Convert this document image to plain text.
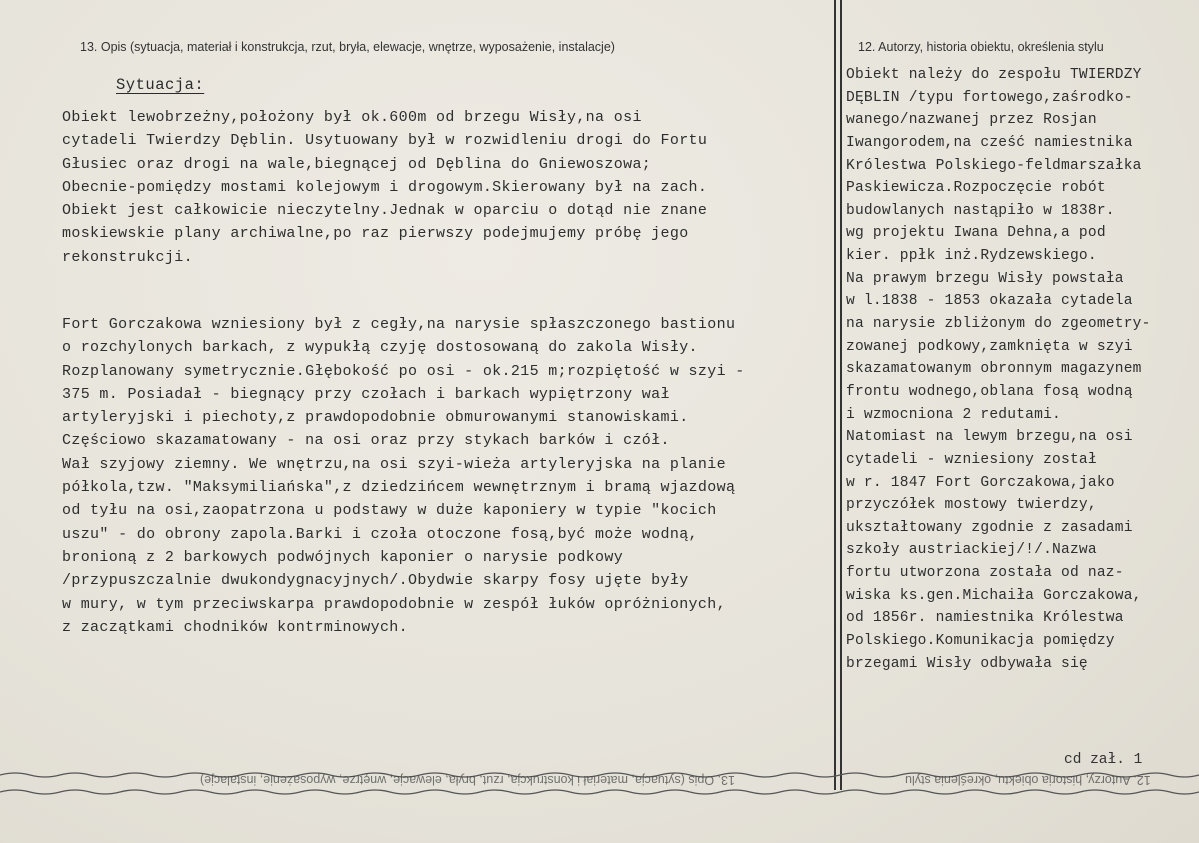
13. Opis (sytuacja, materiał i konstrukcja, rzut, bryła, elewacje, wnętrze, wyposażenie, instalacje)	12. Autorzy, historia obiektu, określenia stylu
Sytuacja:
Obiekt lewobrzeżny,położony był ok.600m od brzegu Wisły,na osi
cytadeli Twierdzy Dęblin. Usytuowany był w rozwidleniu drogi do Fortu
Głusiec oraz drogi na wale,biegnącej od Dęblina do Gniewoszowa;
Obecnie-pomiędzy mostami kolejowym i drogowym.Skierowany był na zach.
Obiekt jest całkowicie nieczytelny.Jednak w oparciu o dotąd nie znane
moskiewskie plany archiwalne,po raz pierwszy podejmujemy próbę jego
rekonstrukcji.
Fort Gorczakowa wzniesiony był z cegły,na narysie spłaszczonego bastionu
o rozchylonych barkach, z wypukłą czyję dostosowaną do zakola Wisły.
Rozplanowany symetrycznie.Głębokość po osi - ok.215 m;rozpiętość w szyi -
375 m. Posiadał - biegnący przy czołach i barkach wypiętrzony wał
artyleryjski i piechoty,z prawdopodobnie obmurowanymi stanowiskami.
Częściowo skazamatowany - na osi oraz przy stykach barków i czół.
Wał szyjowy ziemny. We wnętrzu,na osi szyi-wieża artyleryjska na planie
półkola,tzw. "Maksymiliańska",z dziedzińcem wewnętrznym i bramą wjazdową
od tyłu na osi,zaopatrzona u podstawy w duże kaponiery w typie "kocich
uszu" - do obrony zapola.Barki i czoła otoczone fosą,być może wodną,
bronioną z 2 barkowych podwójnych kaponier o narysie podkowy
/przypuszczalnie dwukondygnacyjnych/.Obydwie skarpy fosy ujęte były
w mury, w tym przeciwskarpa prawdopodobnie w zespół łuków opróżnionych,
z zaczątkami chodników kontrminowych.
Obiekt należy do zespołu TWIERDZY
DĘBLIN /typu fortowego,zaśrodko-
wanego/nazwanej przez Rosjan
Iwangorodem,na cześć namiestnika
Królestwa Polskiego-feldmarszałka
Paskiewicza.Rozpoczęcie robót
budowlanych nastąpiło w 1838r.
wg projektu Iwana Dehna,a pod
kier. ppłk inż.Rydzewskiego.
Na prawym brzegu Wisły powstała
w l.1838 - 1853 okazała cytadela
na narysie zbliżonym do zgeometry-
zowanej podkowy,zamknięta w szyi
skazamatowanym obronnym magazynem
frontu wodnego,oblana fosą wodną
i wzmocniona 2 redutami.
Natomiast na lewym brzegu,na osi
cytadeli - wzniesiony został
w r. 1847 Fort Gorczakowa,jako
przyczółek mostowy twierdzy,
ukształtowany zgodnie z zasadami
szkoły austriackiej/!/.Nazwa
fortu utworzona została od naz-
wiska ks.gen.Michaiła Gorczakowa,
od 1856r. namiestnika Królestwa
Polskiego.Komunikacja pomiędzy
brzegami Wisły odbywała się
cd zał. 1
13. Opis (sytuacja, materiał i konstrukcja, rzut, bryła, elewacje, wnętrze, wyposażenie, instalacje)	12. Autorzy, historia obiektu, określenia stylu
